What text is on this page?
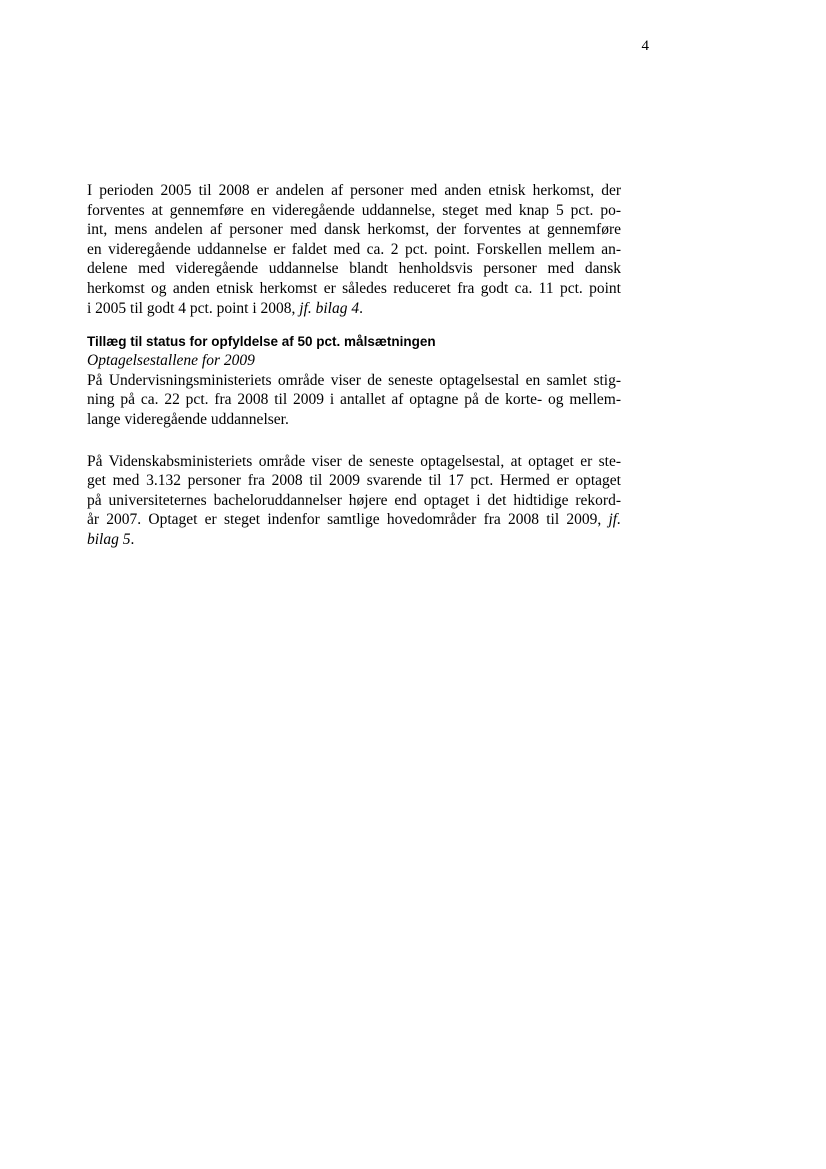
4
I perioden 2005 til 2008 er andelen af personer med anden etnisk herkomst, der
forventes at gennemføre en videregående uddannelse, steget med knap 5 pct. po-
int, mens andelen af personer med dansk herkomst, der forventes at gennemføre
en videregående uddannelse er faldet med ca. 2 pct. point. Forskellen mellem an-
delene med videregående uddannelse blandt henholdsvis personer med dansk
herkomst og anden etnisk herkomst er således reduceret fra godt ca. 11 pct. point
i 2005 til godt 4 pct. point i 2008, jf. bilag 4.
Tillæg til status for opfyldelse af 50 pct. målsætningen
Optagelsestallene for 2009
På Undervisningsministeriets område viser de seneste optagelsestal en samlet stig-
ning på ca. 22 pct. fra 2008 til 2009 i antallet af optagne på de korte- og mellem-
lange videregående uddannelser.
På Videnskabsministeriets område viser de seneste optagelsestal, at optaget er ste-
get med 3.132 personer fra 2008 til 2009 svarende til 17 pct. Hermed er optaget
på universiteternes bacheloruddannelser højere end optaget i det hidtidige rekord-
år 2007. Optaget er steget indenfor samtlige hovedområder fra 2008 til 2009, jf.
bilag 5.
